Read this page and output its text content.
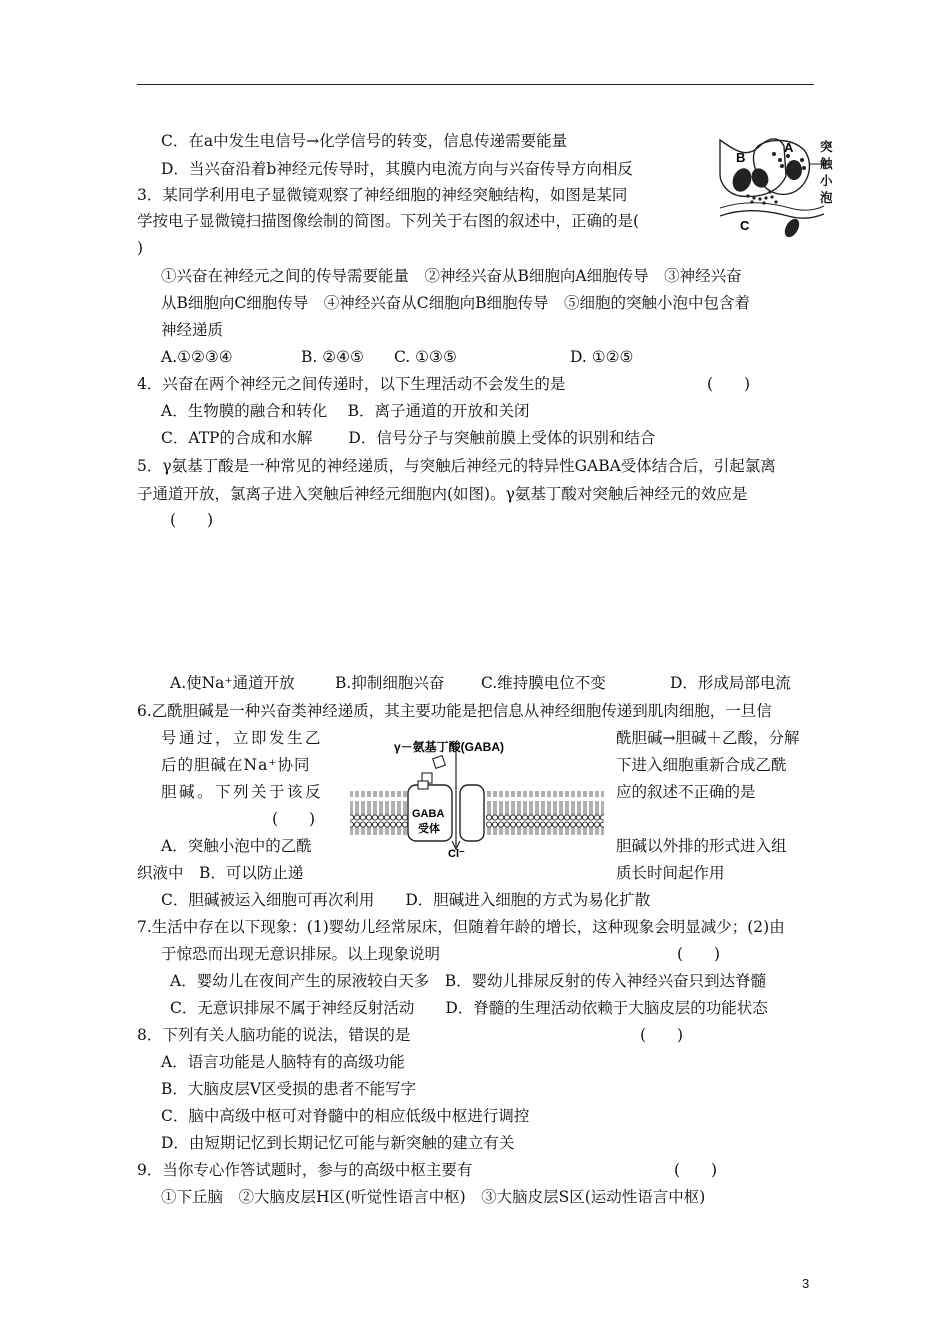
C．在a中发生电信号→化学信号的转变，信息传递需要能量
D．当兴奋沿着b神经元传导时，其膜内电流方向与兴奋传导方向相反
A
B
C
突
触
小
泡
3．某同学利用电子显微镜观察了神经细胞的神经突触结构，如图是某同
学按电子显微镜扫描图像绘制的简图。下列关于右图的叙述中，正确的是(
)
①兴奋在神经元之间的传导需要能量　②神经兴奋从B细胞向A细胞传导　③神经兴奋
从B细胞向C细胞传导　④神经兴奋从C细胞向B细胞传导　⑤细胞的突触小泡中包含着
神经递质
A.①②③④	B. ②④⑤ C. ①③⑤	D. ①②⑤
4．兴奋在两个神经元之间传递时，以下生理活动不会发生的是	(　　)
A．生物膜的融合和转化　 B．离子通道的开放和关闭
C．ATP的合成和水解　　 D．信号分子与突触前膜上受体的识别和结合
5．γ氨基丁酸是一种常见的神经递质，与突触后神经元的特异性GABA受体结合后，引起氯离
子通道开放，氯离子进入突触后神经元细胞内(如图)。γ氨基丁酸对突触后神经元的效应是
(　　)
A.使Na⁺通道开放	B.抑制细胞兴奋 C.维持膜电位不变	D．形成局部电流
6.乙酰胆碱是一种兴奋类神经递质，其主要功能是把信息从神经细胞传递到肌肉细胞，一旦信
号通过，立即发生乙	酰胆碱→胆碱＋乙酸，分解
后的胆碱在Na⁺协同	下进入细胞重新合成乙酰
胆碱。下列关于该反	应的叙述不正确的是
(　　)
A．突触小泡中的乙酰	胆碱以外排的形式进入组
织液中　B．可以防止递	质长时间起作用
C．胆碱被运入细胞可再次利用　　D．胆碱进入细胞的方式为易化扩散
γ－氨基丁酸(GABA)
GABA
受体
Cl⁻
7.生活中存在以下现象：(1)婴幼儿经常尿床，但随着年龄的增长，这种现象会明显减少；(2)由
于惊恐而出现无意识排尿。以上现象说明	(　　)
A．婴幼儿在夜间产生的尿液较白天多　B．婴幼儿排尿反射的传入神经兴奋只到达脊髓
C．无意识排尿不属于神经反射活动　　D．脊髓的生理活动依赖于大脑皮层的功能状态
8．下列有关人脑功能的说法，错误的是	(　　)
A．语言功能是人脑特有的高级功能
B．大脑皮层V区受损的患者不能写字
C．脑中高级中枢可对脊髓中的相应低级中枢进行调控
D．由短期记忆到长期记忆可能与新突触的建立有关
9．当你专心作答试题时，参与的高级中枢主要有	(　　)
①下丘脑　②大脑皮层H区(听觉性语言中枢)　③大脑皮层S区(运动性语言中枢)
3
